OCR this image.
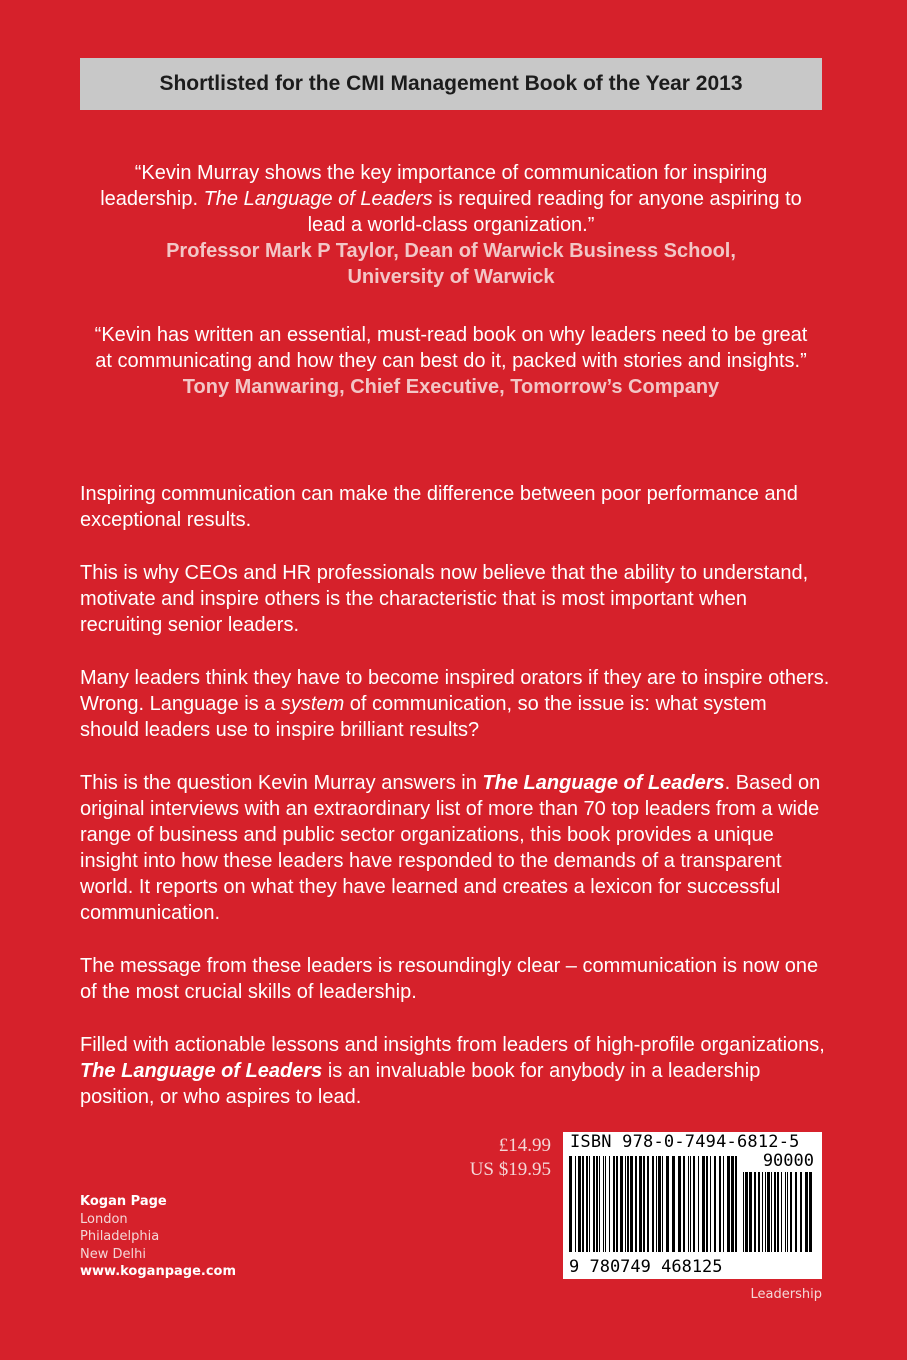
Shortlisted for the CMI Management Book of the Year 2013
“Kevin Murray shows the key importance of communication for inspiring leadership. The Language of Leaders is required reading for anyone aspiring to lead a world-class organization.”
Professor Mark P Taylor, Dean of Warwick Business School,
University of Warwick
“Kevin has written an essential, must-read book on why leaders need to be great at communicating and how they can best do it, packed with stories and insights.”
Tony Manwaring, Chief Executive, Tomorrow’s Company

Inspiring communication can make the difference between poor performance and exceptional results.

This is why CEOs and HR professionals now believe that the ability to understand, motivate and inspire others is the characteristic that is most important when recruiting senior leaders.

Many leaders think they have to become inspired orators if they are to inspire others. Wrong. Language is a system of communication, so the issue is: what system should leaders use to inspire brilliant results?

This is the question Kevin Murray answers in The Language of Leaders. Based on original interviews with an extraordinary list of more than 70 top leaders from a wide range of business and public sector organizations, this book provides a unique insight into how these leaders have responded to the demands of a transparent world. It reports on what they have learned and creates a lexicon for successful communication.

The message from these leaders is resoundingly clear – communication is now one of the most crucial skills of leadership.

Filled with actionable lessons and insights from leaders of high-profile organizations, The Language of Leaders is an invaluable book for anybody in a leadership position, or who aspires to lead.

£14.99
US $19.95
Kogan Page
London
Philadelphia
New Delhi
www.koganpage.com
ISBN 978-0-7494-6812-5
90000
9 780749 468125
Leadership
